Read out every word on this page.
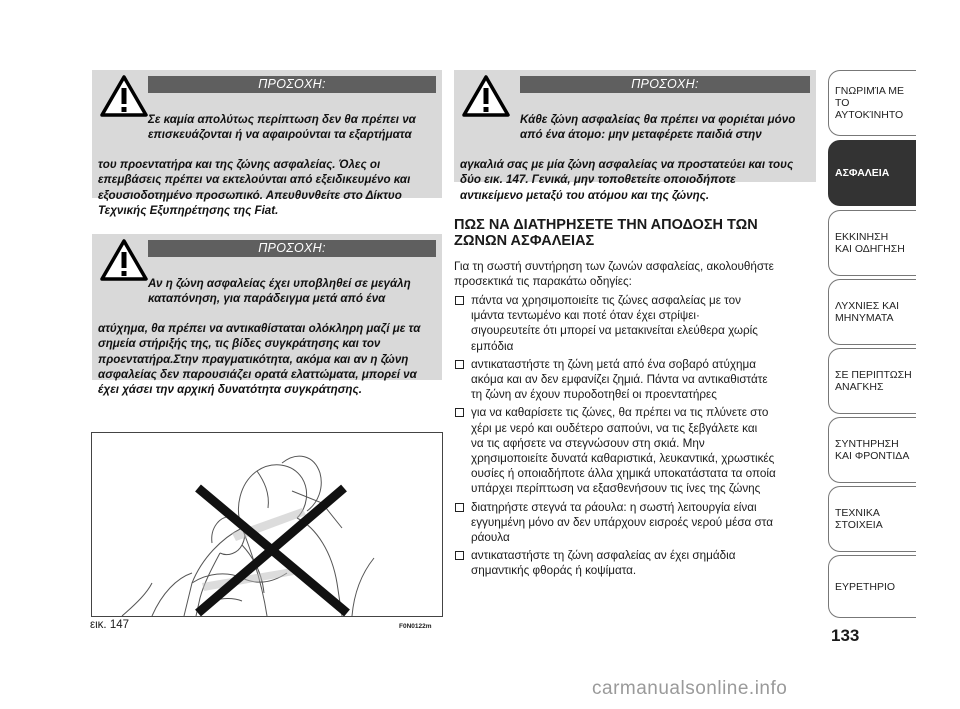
ΠΡΟΣΟΧΗ:

Σε καμία απολύτως περίπτωση δεν θα πρέπει να
επισκευάζονται ή να αφαιρούνται τα εξαρτήματα

του προεντατήρα και της ζώνης ασφαλείας. Όλες οι
επεμβάσεις πρέπει να εκτελούνται από εξειδικευμένο και
εξουσιοδοτημένο προσωπικό. Απευθυνθείτε στο Δίκτυο
Τεχνικής Εξυπηρέτησης της Fiat.

ΠΡΟΣΟΧΗ:

Αν η ζώνη ασφαλείας έχει υποβληθεί σε μεγάλη
καταπόνηση, για παράδειγμα μετά από ένα

ατύχημα, θα πρέπει να αντικαθίσταται ολόκληρη μαζί με τα
σημεία στήριξής της, τις βίδες συγκράτησης και τον
προεντατήρα.Στην πραγματικότητα, ακόμα και αν η ζώνη
ασφαλείας δεν παρουσιάζει ορατά ελαττώματα, μπορεί να
έχει χάσει την αρχική δυνατότητα συγκράτησης.

ΠΡΟΣΟΧΗ:

Κάθε ζώνη ασφαλείας θα πρέπει να φοριέται μόνο
από ένα άτομο: μην μεταφέρετε παιδιά στην

αγκαλιά σας με μία ζώνη ασφαλείας να προστατεύει και τους
δύο εικ. 147. Γενικά, μην τοποθετείτε οποιοδήποτε
αντικείμενο μεταξύ του ατόμου και της ζώνης.

εικ. 147	F0N0122m
ΠΩΣ ΝΑ ΔΙΑΤΗΡΗΣΕΤΕ ΤΗΝ ΑΠΟΔΟΣΗ ΤΩΝ
ΖΩΝΩΝ ΑΣΦΑΛΕΙΑΣ
Για τη σωστή συντήρηση των ζωνών ασφαλείας, ακολουθήστε
προσεκτικά τις παρακάτω οδηγίες:
πάντα να χρησιμοποιείτε τις ζώνες ασφαλείας με τον
ιμάντα τεντωμένο και ποτέ όταν έχει στρίψει·
σιγουρευτείτε ότι μπορεί να μετακινείται ελεύθερα χωρίς
εμπόδια
αντικαταστήστε τη ζώνη μετά από ένα σοβαρό ατύχημα
ακόμα και αν δεν εμφανίζει ζημιά. Πάντα να αντικαθιστάτε
τη ζώνη αν έχουν πυροδοτηθεί οι προεντατήρες
για να καθαρίσετε τις ζώνες, θα πρέπει να τις πλύνετε στο
χέρι με νερό και ουδέτερο σαπούνι, να τις ξεβγάλετε και
να τις αφήσετε να στεγνώσουν στη σκιά. Μην
χρησιμοποιείτε δυνατά καθαριστικά, λευκαντικά, χρωστικές
ουσίες ή οποιαδήποτε άλλα χημικά υποκατάστατα τα οποία
υπάρχει περίπτωση να εξασθενήσουν τις ίνες της ζώνης
διατηρήστε στεγνά τα ράουλα: η σωστή λειτουργία είναι
εγγυημένη μόνο αν δεν υπάρχουν εισροές νερού μέσα στα
ράουλα
αντικαταστήστε τη ζώνη ασφαλείας αν έχει σημάδια
σημαντικής φθοράς ή κοψίματα.
ΓΝΩΡΙΜΊΑ ΜΕ
ΤΟ ΑΥΤΟΚΊΝΗΤΟ
ΑΣΦΑΛΕΙΑ
ΕΚΚΙΝΗΣΗ
ΚΑΙ ΟΔΗΓΗΣΗ
ΛΥΧΝΙΕΣ ΚΑΙ
ΜΗΝΥΜΑΤΑ
ΣΕ ΠΕΡΙΠΤΩΣΗ
ΑΝΑΓΚΗΣ
ΣΥΝΤΗΡΗΣΗ
ΚΑΙ ΦΡΟΝΤΙΔΑ
ΤΕΧΝΙΚΑ
ΣΤΟΙΧΕΙΑ
ΕΥΡΕΤΗΡΙΟ
133
carmanualsonline.info
